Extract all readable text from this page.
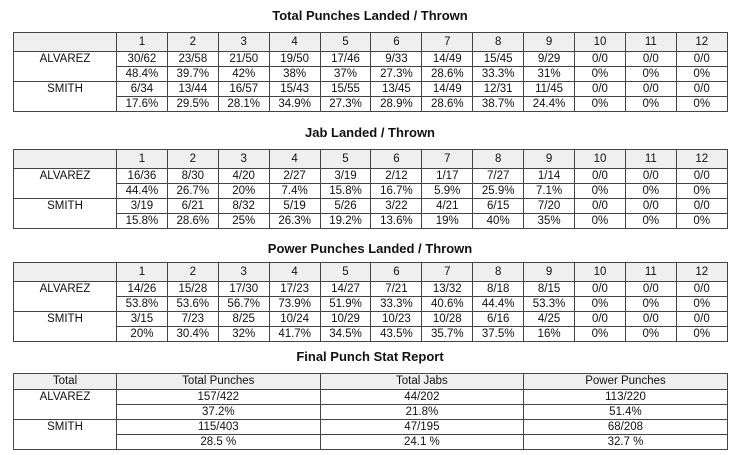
Total Punches Landed / Thrown
	1	2	3	4	5	6	7	8	9	10	11	12
ALVAREZ	30/62	23/58	21/50	19/50	17/46	9/33	14/49	15/45	9/29	0/0	0/0	0/0
	48.4%	39.7%	42%	38%	37%	27.3%	28.6%	33.3%	31%	0%	0%	0%
SMITH	6/34	13/44	16/57	15/43	15/55	13/45	14/49	12/31	11/45	0/0	0/0	0/0
	17.6%	29.5%	28.1%	34.9%	27.3%	28.9%	28.6%	38.7%	24.4%	0%	0%	0%
Jab Landed / Thrown
	1	2	3	4	5	6	7	8	9	10	11	12
ALVAREZ	16/36	8/30	4/20	2/27	3/19	2/12	1/17	7/27	1/14	0/0	0/0	0/0
	44.4%	26.7%	20%	7.4%	15.8%	16.7%	5.9%	25.9%	7.1%	0%	0%	0%
SMITH	3/19	6/21	8/32	5/19	5/26	3/22	4/21	6/15	7/20	0/0	0/0	0/0
	15.8%	28.6%	25%	26.3%	19.2%	13.6%	19%	40%	35%	0%	0%	0%
Power Punches Landed / Thrown
	1	2	3	4	5	6	7	8	9	10	11	12
ALVAREZ	14/26	15/28	17/30	17/23	14/27	7/21	13/32	8/18	8/15	0/0	0/0	0/0
	53.8%	53.6%	56.7%	73.9%	51.9%	33.3%	40.6%	44.4%	53.3%	0%	0%	0%
SMITH	3/15	7/23	8/25	10/24	10/29	10/23	10/28	6/16	4/25	0/0	0/0	0/0
	20%	30.4%	32%	41.7%	34.5%	43.5%	35.7%	37.5%	16%	0%	0%	0%
Final Punch Stat Report
Total	Total Punches	Total Jabs	Power Punches
ALVAREZ	157/422	44/202	113/220
	37.2%	21.8%	51.4%
SMITH	115/403	47/195	68/208
	28.5 %	24.1 %	32.7 %
